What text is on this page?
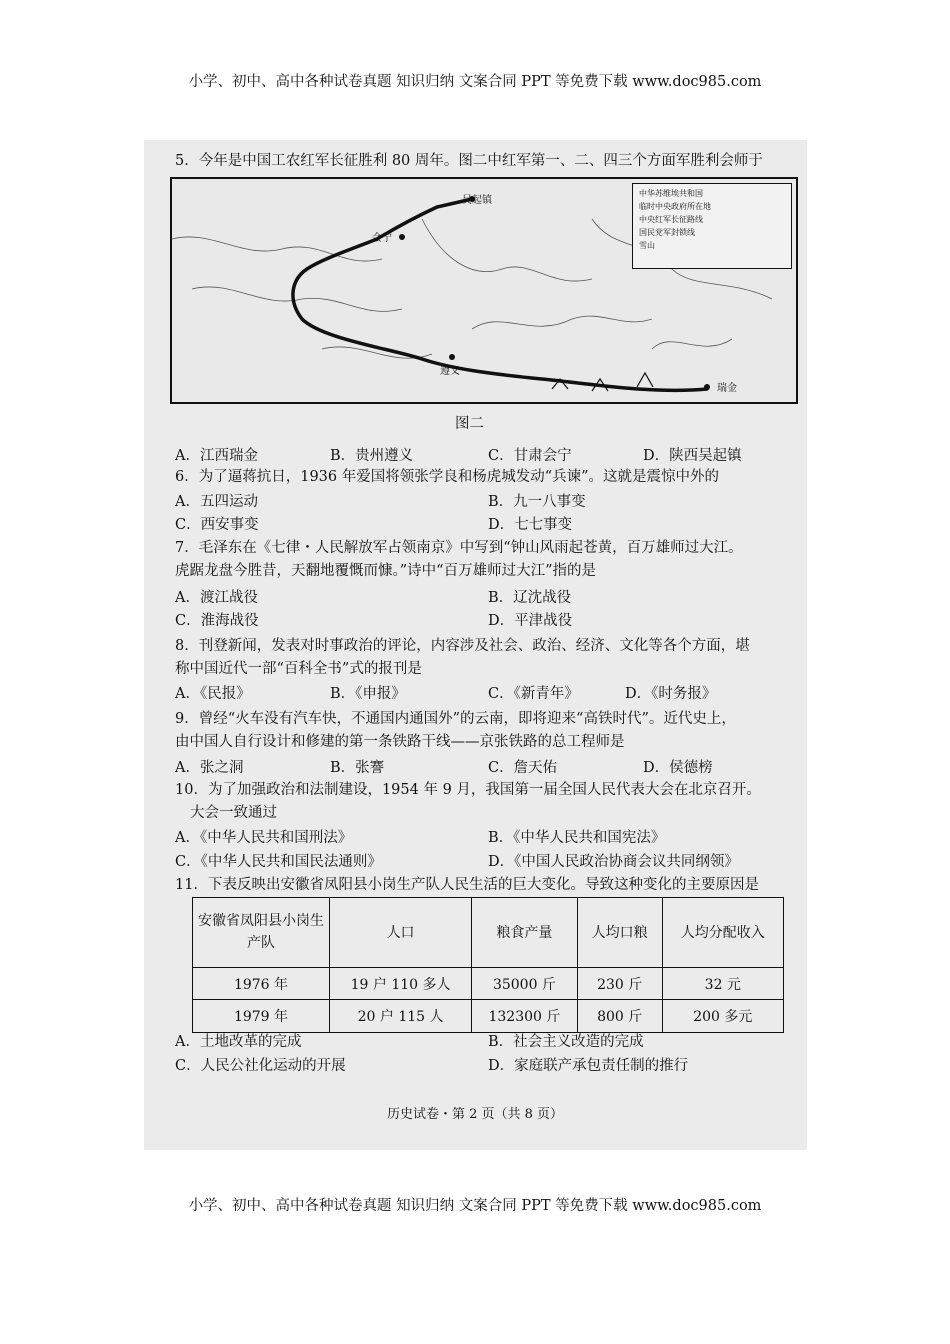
小学、初中、高中各种试卷真题 知识归纳 文案合同 PPT 等免费下载 www.doc985.com
5．今年是中国工农红军长征胜利 80 周年。图二中红军第一、二、四三个方面军胜利会师于
中华苏维埃共和国
临时中央政府所在地
中央红军长征路线
国民党军封锁线
雪山
吴起镇
会宁
遵义
瑞金
图二
A．江西瑞金	B．贵州遵义	C．甘肃会宁	D．陕西吴起镇
6．为了逼蒋抗日，1936 年爱国将领张学良和杨虎城发动“兵谏”。这就是震惊中外的
A．五四运动	B．九一八事变
C．西安事变	D．七七事变
7．毛泽东在《七律・人民解放军占领南京》中写到“钟山风雨起苍黄，百万雄师过大江。
虎踞龙盘今胜昔，天翻地覆慨而慷。”诗中“百万雄师过大江”指的是
A．渡江战役	B．辽沈战役
C．淮海战役	D．平津战役
8．刊登新闻，发表对时事政治的评论，内容涉及社会、政治、经济、文化等各个方面，堪
称中国近代一部“百科全书”式的报刊是
A．《民报》	B．《申报》	C．《新青年》	D．《时务报》
9．曾经“火车没有汽车快，不通国内通国外”的云南，即将迎来“高铁时代”。近代史上，
由中国人自行设计和修建的第一条铁路干线——京张铁路的总工程师是
A．张之洞	B．张謇	C．詹天佑	D．侯德榜
10．为了加强政治和法制建设，1954 年 9 月，我国第一届全国人民代表大会在北京召开。
大会一致通过
A．《中华人民共和国刑法》	B．《中华人民共和国宪法》
C．《中华人民共和国民法通则》	D．《中国人民政治协商会议共同纲领》
11．下表反映出安徽省凤阳县小岗生产队人民生活的巨大变化。导致这种变化的主要原因是
安徽省凤阳县小岗生产队	人口	粮食产量	人均口粮	人均分配收入
1976 年	19 户 110 多人	35000 斤	230 斤	32 元
1979 年	20 户 115 人	132300 斤	800 斤	200 多元
A．土地改革的完成	B．社会主义改造的完成
C．人民公社化运动的开展	D．家庭联产承包责任制的推行
历史试卷・第 2 页（共 8 页）
小学、初中、高中各种试卷真题 知识归纳 文案合同 PPT 等免费下载 www.doc985.com
